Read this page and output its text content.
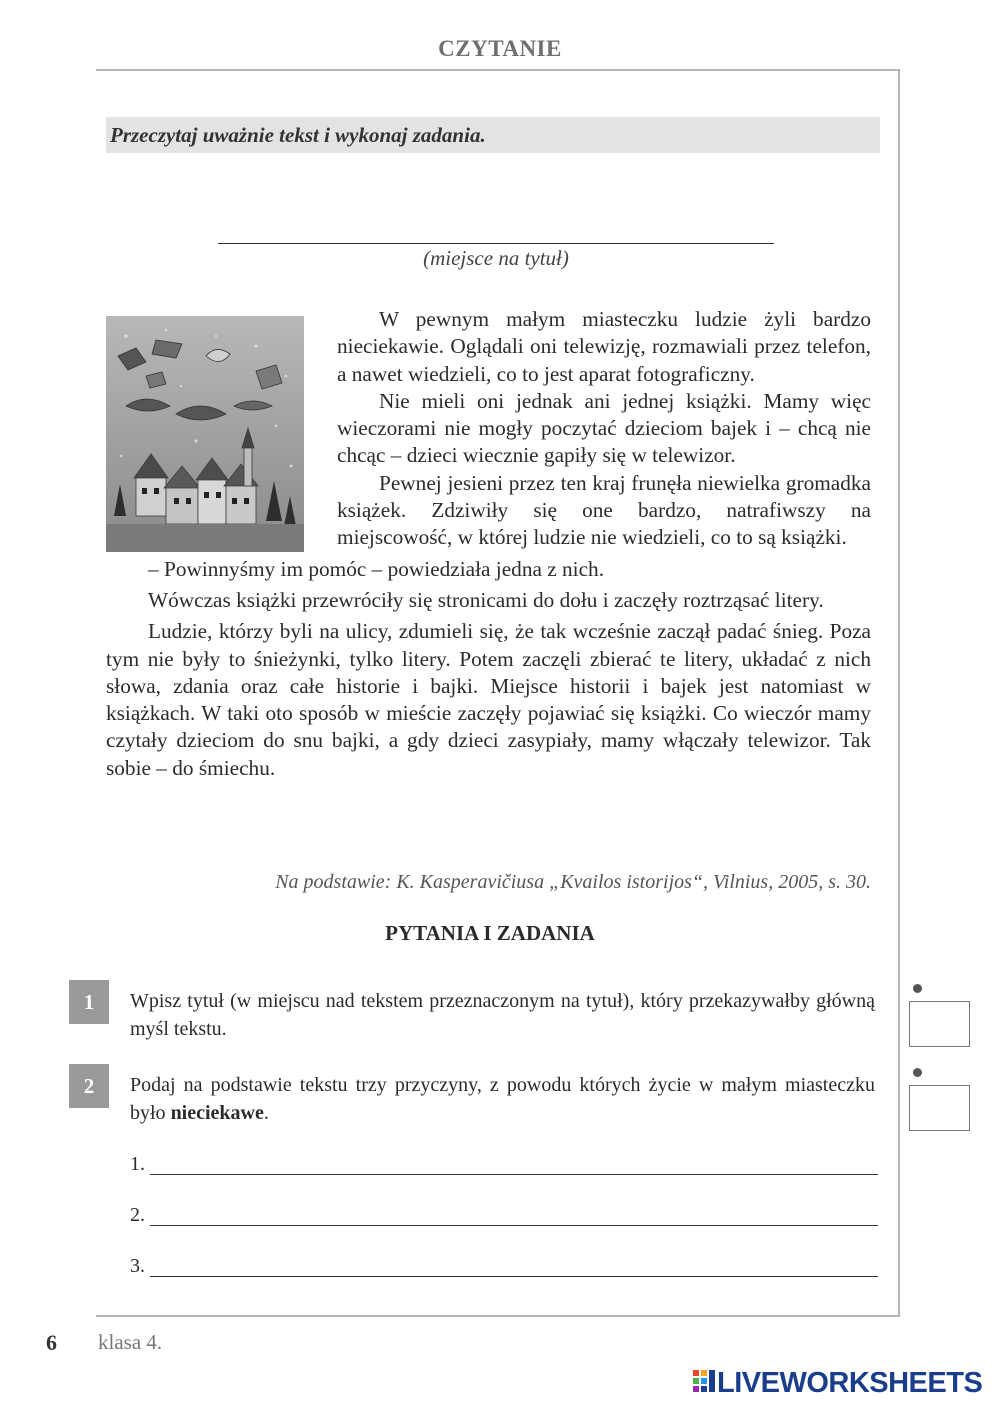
CZYTANIE
Przeczytaj uważnie tekst i wykonaj zadania.
(miejsce na tytuł)

W pewnym małym miasteczku ludzie żyli bardzo nieciekawie. Oglądali oni telewizję, rozmawiali przez telefon, a nawet wiedzieli, co to jest aparat fotograficzny.

Nie mieli oni jednak ani jednej książki. Mamy więc wieczorami nie mogły poczytać dzieciom bajek i – chcą nie chcąc – dzieci wiecznie gapiły się w telewizor.

Pewnej jesieni przez ten kraj frunęła niewielka gromadka książek. Zdziwiły się one bardzo, natrafiwszy na miejscowość, w której ludzie nie wiedzieli, co to są książki.

– Powinnyśmy im pomóc – powiedziała jedna z nich.

Wówczas książki przewróciły się stronicami do dołu i zaczęły roztrząsać litery.

Ludzie, którzy byli na ulicy, zdumieli się, że tak wcześnie zaczął padać śnieg. Poza tym nie były to śnieżynki, tylko litery. Potem zaczęli zbierać te litery, układać z nich słowa, zdania oraz całe historie i bajki. Miejsce historii i bajek jest natomiast w książkach. W taki oto sposób w mieście zaczęły pojawiać się książki. Co wieczór mamy czytały dzieciom do snu bajki, a gdy dzieci zasypiały, mamy włączały telewizor. Tak sobie – do śmiechu.

Na podstawie: K. Kasperavičiusa „Kvailos istorijos“, Vilnius, 2005, s. 30.
PYTANIA I ZADANIA
1	Wpisz tytuł (w miejscu nad tekstem przeznaczonym na tytuł), który przekazywałby główną myśl tekstu.
2	Podaj na podstawie tekstu trzy przyczyny, z powodu których życie w małym miasteczku było nieciekawe.
1.
2.
3.
6 klasa 4.
LIVEWORKSHEETS
